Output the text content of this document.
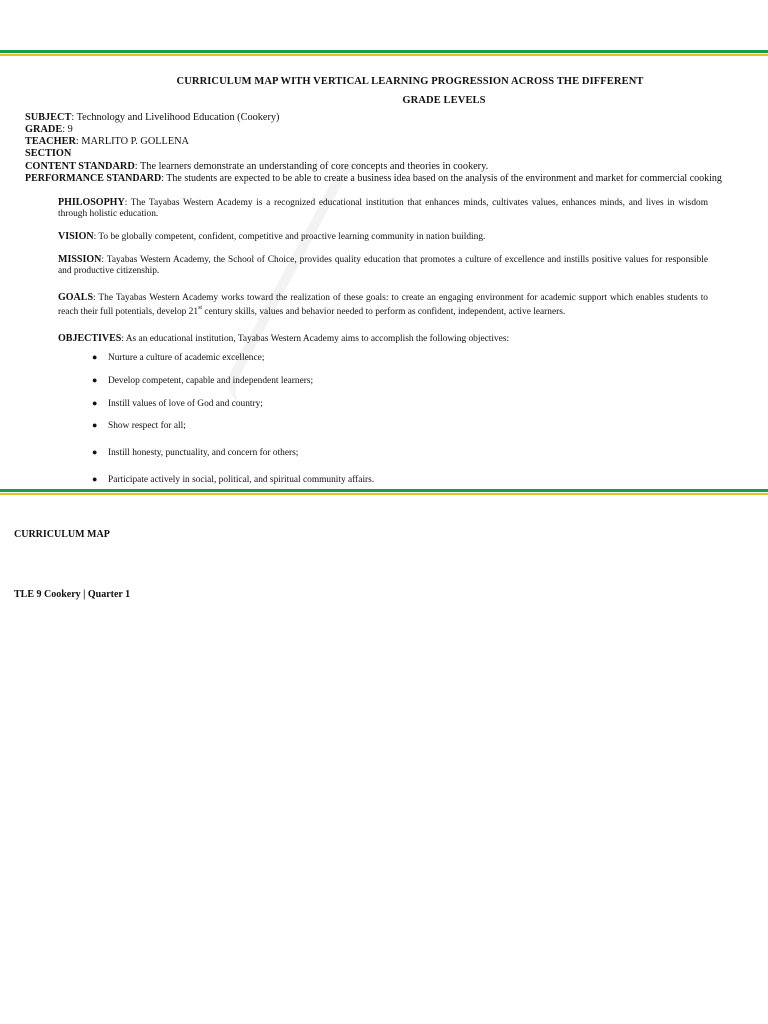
CURRICULUM MAP WITH VERTICAL LEARNING PROGRESSION ACROSS THE DIFFERENT
GRADE LEVELS
SUBJECT: Technology and Livelihood Education (Cookery)
GRADE: 9
TEACHER: MARLITO P. GOLLENA
SECTION
CONTENT STANDARD: The learners demonstrate an understanding of core concepts and theories in cookery.
PERFORMANCE STANDARD: The students are expected to be able to create a business idea based on the analysis of the environment and market for commercial cooking
PHILOSOPHY: The Tayabas Western Academy is a recognized educational institution that enhances minds, cultivates values, enhances minds, and lives in wisdom through holistic education.
VISION: To be globally competent, confident, competitive and proactive learning community in nation building.
MISSION: Tayabas Western Academy, the School of Choice, provides quality education that promotes a culture of excellence and instills positive values for responsible and productive citizenship.
GOALS: The Tayabas Western Academy works toward the realization of these goals: to create an engaging environment for academic support which enables students to reach their full potentials, develop 21st century skills, values and behavior needed to perform as confident, independent, active learners.
OBJECTIVES: As an educational institution, Tayabas Western Academy aims to accomplish the following objectives:
● Nurture a culture of academic excellence;
● Develop competent, capable and independent learners;
● Instill values of love of God and country;
● Show respect for all;
● Instill honesty, punctuality, and concern for others;
● Participate actively in social, political, and spiritual community affairs.
CURRICULUM MAP
TLE 9 Cookery | Quarter 1
